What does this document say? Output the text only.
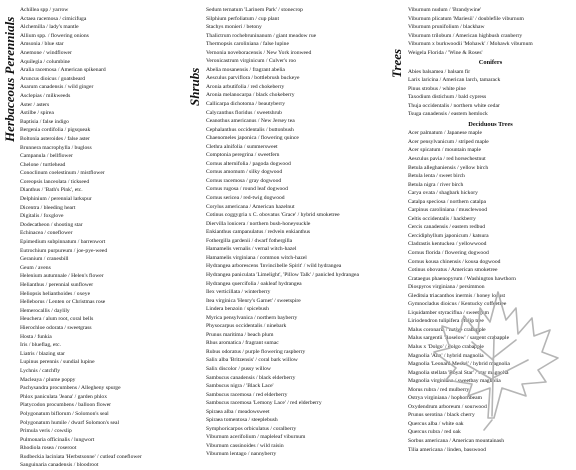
Herbaceous Perennials	Shrubs
Trees
Achillea spp / yarrow
Actaea racemosa / cimicifuga
Alchemilla / lady's mantle
Allium spp. / flowering onions
Amsonia / blue star
Anemone / windflower
Aquilegia / columbine
Aralia racemosa / American spikenard
Aruncus dioicus / goatsbeard
Asarum canadensis / wild ginger
Asclepias / milkweeds
Aster / asters
Astilbe / spirea
Baptisia / false indigo
Bergenia cordifolia / pigsqueak
Boltonia asteroides / false aster
Brunnera macrophylla / bugloss
Campanula / bellflower
Chelone / turtlehead
Conoclinum coelestinum / mistflower
Coreopsis lanceolata / tickseed
Dianthus / 'Bath's Pink', etc.
Delphinium / perennial larkspur
Dicentra / bleeding heart
Digitalis / foxglove
Dodecatheon / shooting star
Echinacea / coneflower
Epimedium subpinnatum / barrenwort
Eutrochium purpureum / joe-pye-weed
Geranium / cranesbill
Geum / avens
Helenium autumnale / Helen's flower
Helianthus / perennial sunflower
Heliopsis helianthoides / oxeye
Helleborus / Lenten or Christmas rose
Hemerocallis / daylily
Heuchera / alum root, coral bells
Hierochloe odorata / sweetgrass
Hosta / funkia
Iris / blueflag, etc.
Liatris / blazing star
Lupinus perennis / sundial lupine
Lychnis / catchfly
Macleaya / plume poppy
Pachysandra procumbens / Allegheny spurge
Phlox paniculata 'Jeana' / garden phlox
Platycodon procumbens / balloon flower
Polygonatum biflorum / Solomon's seal
Polygonatum humile / dwarf Solomon's seal
Primula veris / cowslip
Pulmonaria officinalis / lungwort
Rhodiola rosea / roseroot
Rudbeckia laciniata 'Herbstsonne' / cutleaf coneflower
Sanguinaria canadensis / bloodroot
Sedum ternatum 'Larinem Park' / stonecrop
Silphium perfoliatum / cup plant
Stachys monieri / betony
Thalictrum rochebruninanum / giant meadow rue
Thermopsis caroliniana / false lupine
Vernonia noveboracensis / New York ironweed
Veronicastrum virginicum / Culver's roo
Abelia mosanensis / fragrant abelia
Aesculus parviflora / bottlebrush buckeye
Aronia arbutifolia / red chokeberry
Aronia melanocarpa / black chokeberry
Callicarpa dichotoma / beautyberry
Calycanthus floridus / sweetshrub
Ceanothus americanus / New Jersey tea
Cephalanthus occidentalis / buttonbush
Chaenomeles japonica / flowering quince
Clethra alnifolia / summersweet
Comptonia peregrina / sweetfern
Cornus alternifolia / pagoda dogwood
Cornus amomum / silky dogwood
Cornus racemosa / gray dogwood
Cornus rugosa / round leaf dogwood
Cornus sericea / red-twig dogwood
Corylus americana / American hazelnut
Cotinus coggygria x C. obovatus 'Grace' / hybrid smoketree
Diervilla lonicera / northern bush-honeysuckle
Enkianthus campanulatus / redvein enkianthus
Fothergilla gardenii / dwarf fothergilla
Hamamelis vernalis / vernal witch-hazel
Hamamelis virginiana / common witch-hazel
Hydrangea arborescens 'Invincibelle Spirit' / wild hydrangea
Hydrangea paniculata 'Limelight', 'Pillow Talk' / panicled hydrangea
Hydrangea quercifolia / oakleaf hydrangea
Ilex verticillata / winterberry
Itea virginica 'Henry's Garnet' / sweetspire
Lindera benzoin / spicebush
Myrica pensylvanica / northern bayberry
Physocarpus occidentalis / ninebark
Prunus maritima / beach plum
Rhus aromatica / fragrant sumac
Rubus odoratus / purple flowering raspberry
Salix alba 'Britzensis' / coral bark willow
Salix discolor / pussy willow
Sambucus canadensis / black elderberry
Sambucus nigra / 'Black Lace'
Sambucus racemosa / red elderberry
Sambucus racemosa 'Lemony Lace' / red elderberry
Spiraea alba / meadowsweet
Spiraea tomentosa / steeplebush
Symphoricarpos orbiculatus / coralberry
Viburnum acerifolium / mapleleaf viburnum
Viburnum cassinoides / wild raisin
Viburnum lentago / nannyberry
Viburnum nudum / 'Brandywine'
Viburnum plicatum 'Mariesii' / doublefile viburnum
Viburnum prunifolium / blackhaw
Viburnum trilobum / American highbush cranberry
Viburnum x burkwoodii 'Mohawk' / Mohawk viburnum
Weigela Florida / 'Wine & Roses'
Conifers
Abies balsamea / balsam fir
Larix laricina / American larch, tamarack
Pinus strobus / white pine
Taxodium distichum / bald cypress
Thuja occidentalis / northern white cedar
Tsuga canadensis / eastern hemlock
Deciduous Trees
Acer palmatum / Japanese maple
Acer pensylvanicum / striped maple
Acer spicatum / mountain maple
Aesculus pavia / red horsechestnut
Betula alleghaniensis / yellow birch
Betula lenta / sweet birch
Betula nigra / river birch
Carya ovata / shagbark hickory
Catalpa speciosa / northern catalpa
Carpinus caroliniana / musclewood
Celtis occidentalis / hackberry
Cercis canadensis / eastern redbud
Cercidiphyllum japonicum / katsura
Cladrastis kentuckea / yellowwood
Cornus florida / flowering dogwood
Cornus kousa chinensis / kousa dogwood
Cotinus obovatus / American smoketree
Crataegus phaenopyrum / Washington hawthorn
Diospyros virginiana / persimmon
Gleditsia triacanthos inermis / honey locust
Gymnocladus dioicus / Kentucky coffeetree
Liquidamber styraciflua / sweetgum
Liriodendron tulipifera / tulip tree
Malus coronaria / native crabapple
Malus sargentii 'Roselow' / sargent crabapple
Malus x 'Dolgo' / dolgo crabapple
Magnolia 'Ann' / hybrid magnolia
Magnolia 'Leonard Messel' / hybrid magnolia
Magnolia stellata 'Royal Star' / star magnolia
Magnolia virginiana / sweetbay magnolia
Morus rubra / red mulberry
Ostrya virginiana / hophornbeam
Oxydendrum arboreum / sourwood
Prunus serotina / black cherry
Quercus alba / white oak
Quercus rubra / red oak
Sorbus americana / American mountainash
Tilia americana / linden, basswood
